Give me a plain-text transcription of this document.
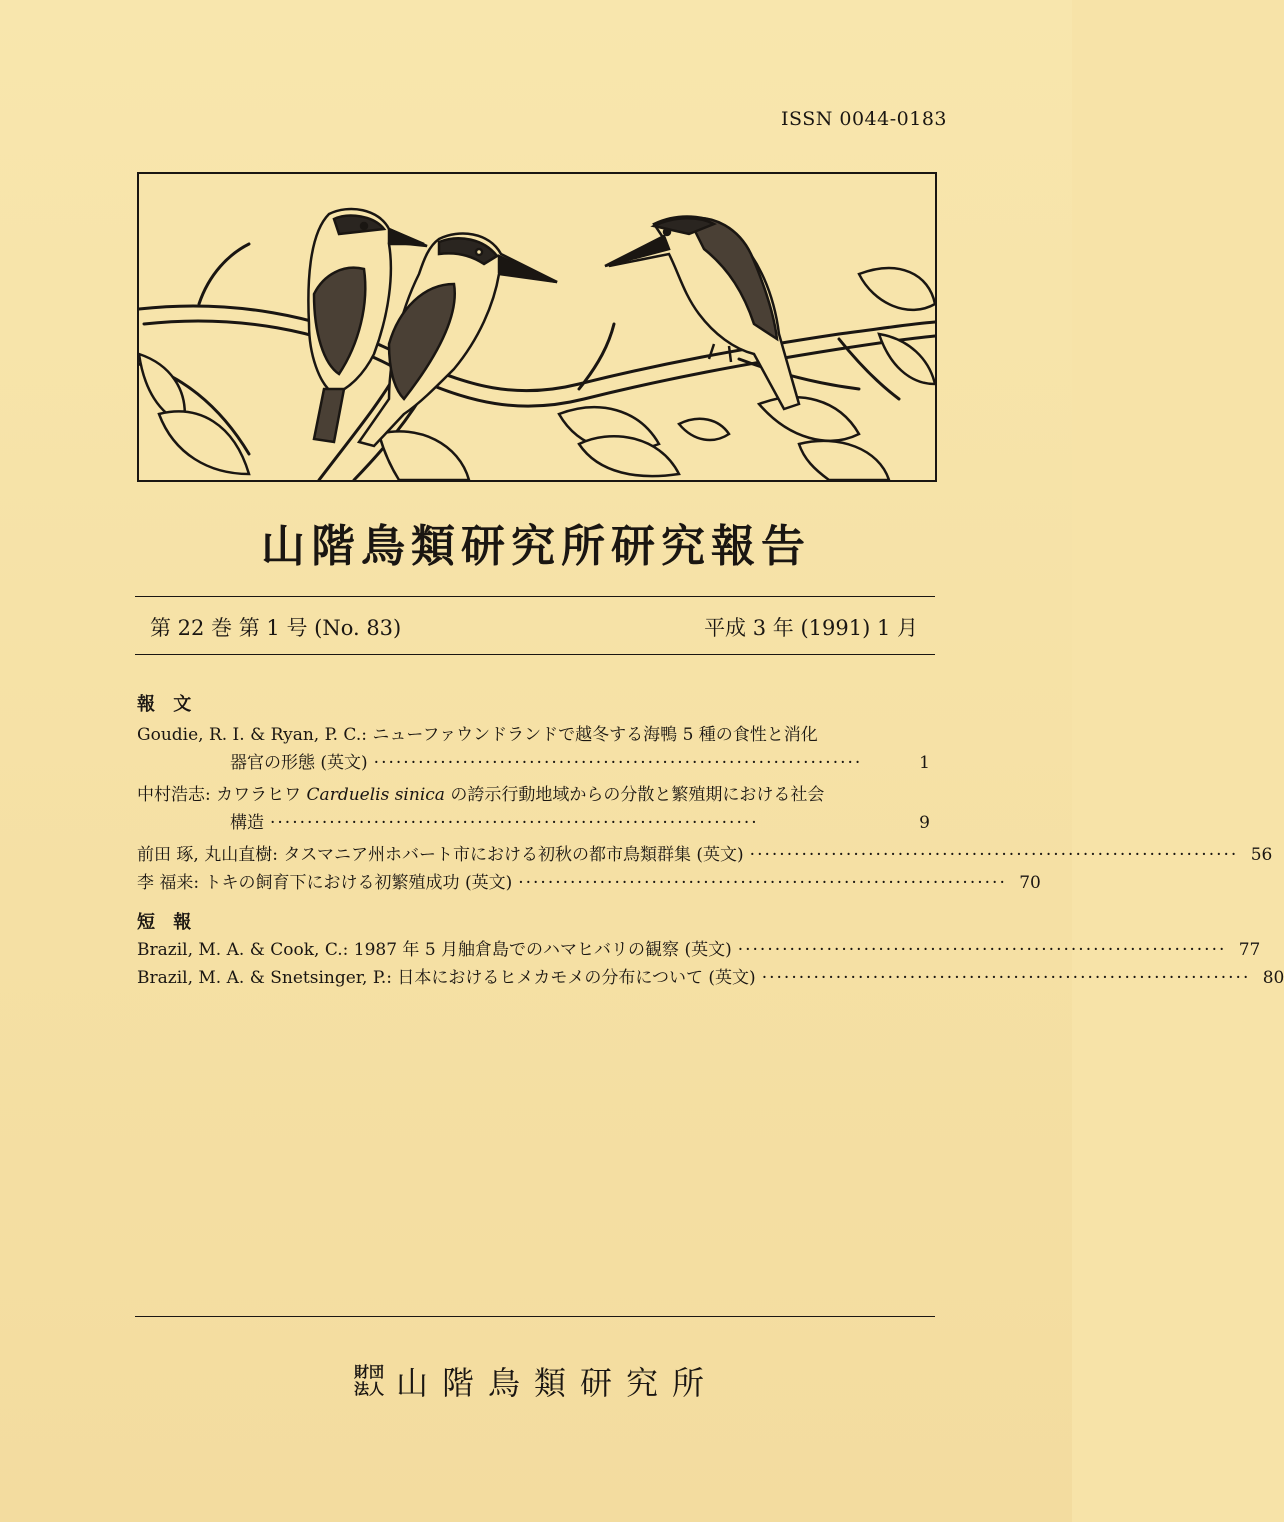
ISSN 0044-0183
山階鳥類研究所研究報告
第 22 巻 第 1 号 (No. 83)	平成 3 年 (1991) 1 月
報 文
Goudie, R. I. & Ryan, P. C.: ニューファウンドランドで越冬する海鴨 5 種の食性と消化
器官の形態 (英文) ··································································	1
中村浩志: カワラヒワ Carduelis sinica の誇示行動地域からの分散と繁殖期における社会
構造 ··································································	9
前田 琢, 丸山直樹: タスマニア州ホバート市における初秋の都市鳥類群集 (英文) ·································································· 56
李 福来: トキの飼育下における初繁殖成功 (英文) ·································································· 70
短 報
Brazil, M. A. & Cook, C.: 1987 年 5 月舳倉島でのハマヒバリの観察 (英文) ·································································· 77
Brazil, M. A. & Snetsinger, P.: 日本におけるヒメカモメの分布について (英文) ·································································· 80
財団
法人 山階鳥類研究所
